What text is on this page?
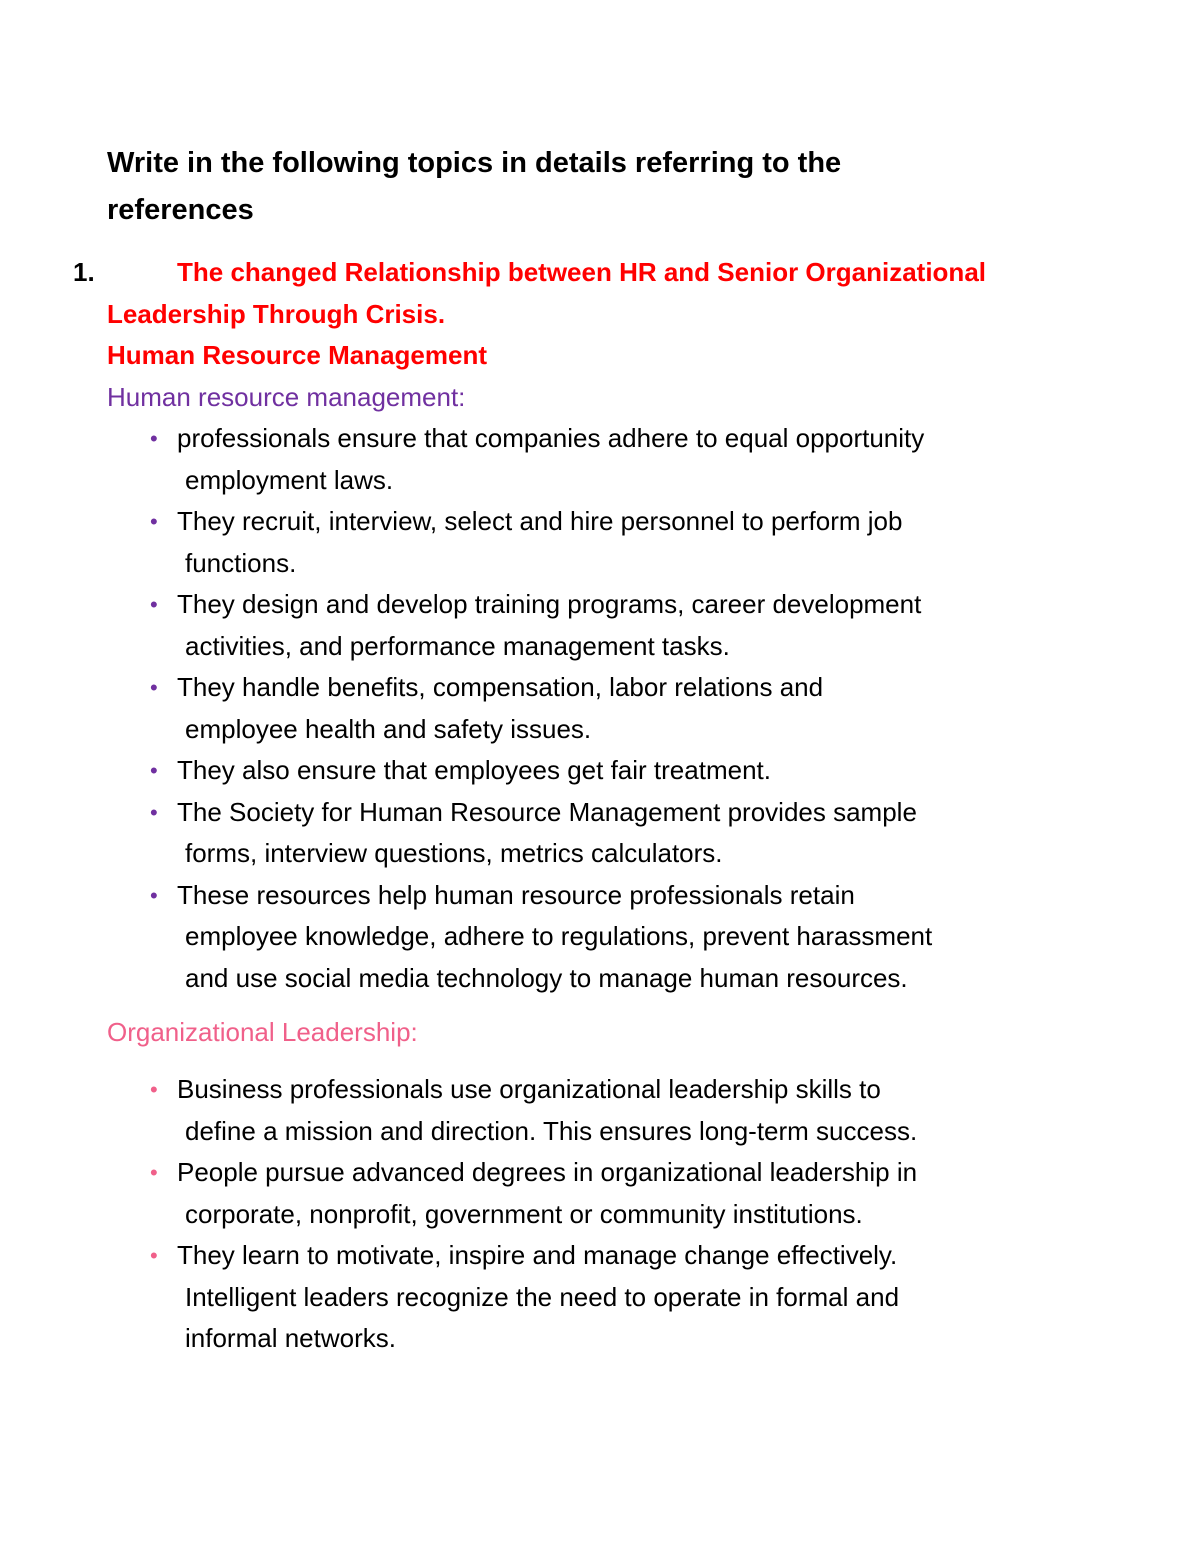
Write in the following topics in details referring to the
references
1.	The changed Relationship between HR and Senior Organizational
Leadership Through Crisis.
Human Resource Management
Human resource management:
• professionals ensure that companies adhere to equal opportunity
employment laws.
• They recruit, interview, select and hire personnel to perform job
functions.
• They design and develop training programs, career development
activities, and performance management tasks.
• They handle benefits, compensation, labor relations and
employee health and safety issues.
• They also ensure that employees get fair treatment.
• The Society for Human Resource Management provides sample
forms, interview questions, metrics calculators.
• These resources help human resource professionals retain
employee knowledge, adhere to regulations, prevent harassment
and use social media technology to manage human resources.
Organizational Leadership:
• Business professionals use organizational leadership skills to
define a mission and direction. This ensures long-term success.
• People pursue advanced degrees in organizational leadership in
corporate, nonprofit, government or community institutions.
• They learn to motivate, inspire and manage change effectively.
Intelligent leaders recognize the need to operate in formal and
informal networks.
